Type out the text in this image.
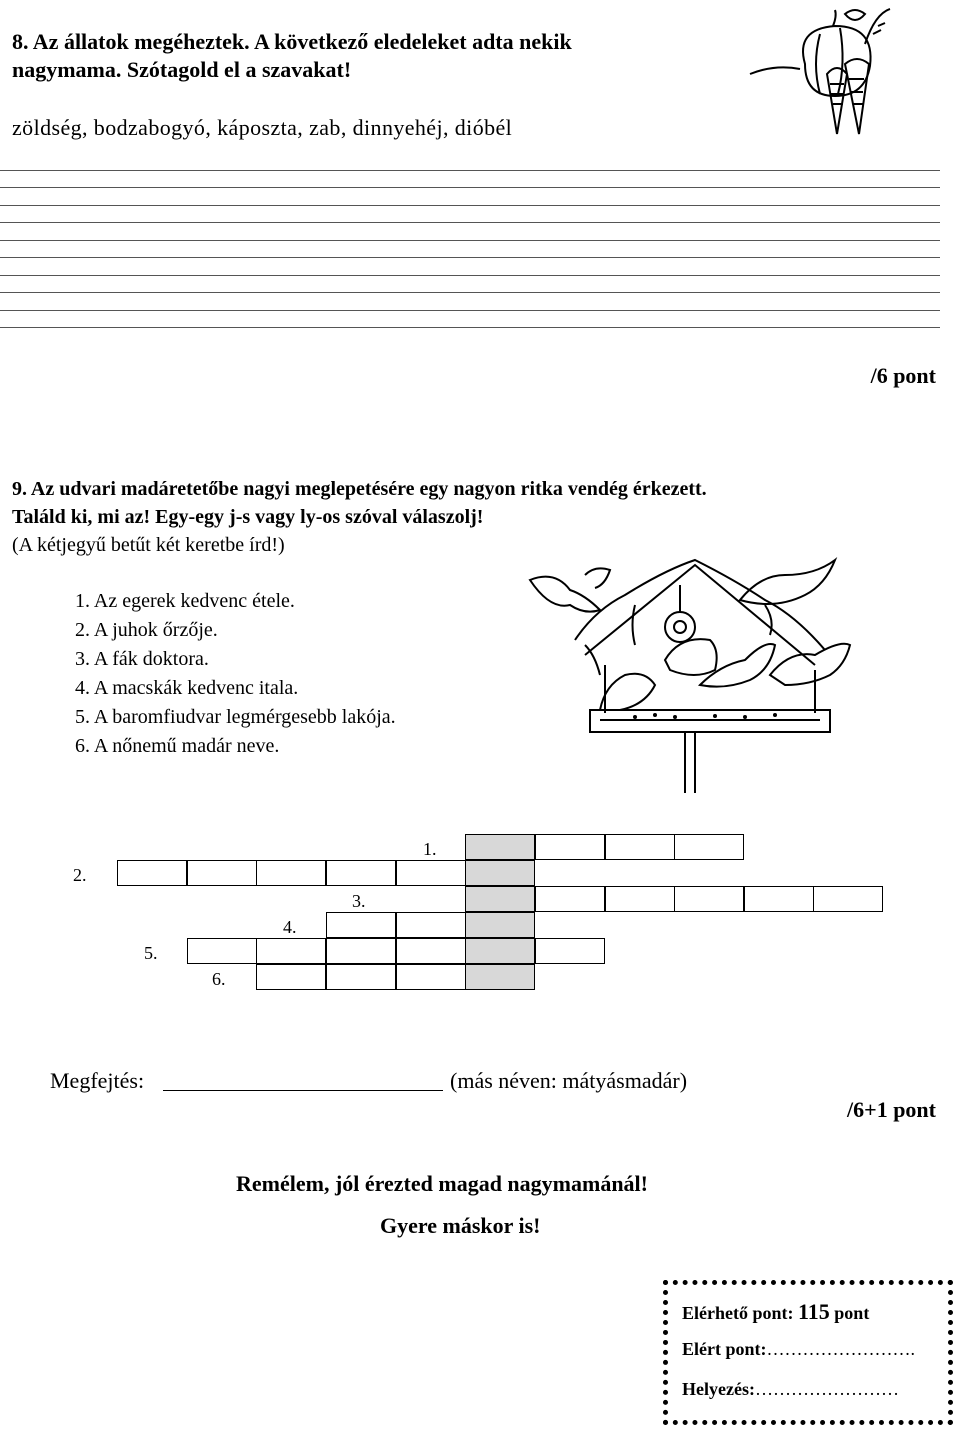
8. Az állatok megéheztek. A következő eledeleket adta nekik
nagymama. Szótagold el a szavakat!
zöldség, bodzabogyó, káposzta, zab, dinnyehéj, dióbél
/6 pont
9. Az udvari madáretetőbe nagyi meglepetésére egy nagyon ritka vendég érkezett.
Találd ki, mi az! Egy-egy j-s vagy ly-os szóval válaszolj!
(A kétjegyű betűt két keretbe írd!)
1. Az egerek kedvenc étele.
2. A juhok őrzője.
3. A fák doktora.
4. A macskák kedvenc itala.
5. A baromfiudvar legmérgesebb lakója.
6. A nőnemű madár neve.
1.
2.
3.
4.
5.
6.
Megfejtés:	(más néven: mátyásmadár)
/6+1 pont
Remélem, jól érezted magad nagymamánál!
Gyere máskor is!
Elérhető pont: 115 pont
Elért pont:…………………….
Helyezés:……………………
